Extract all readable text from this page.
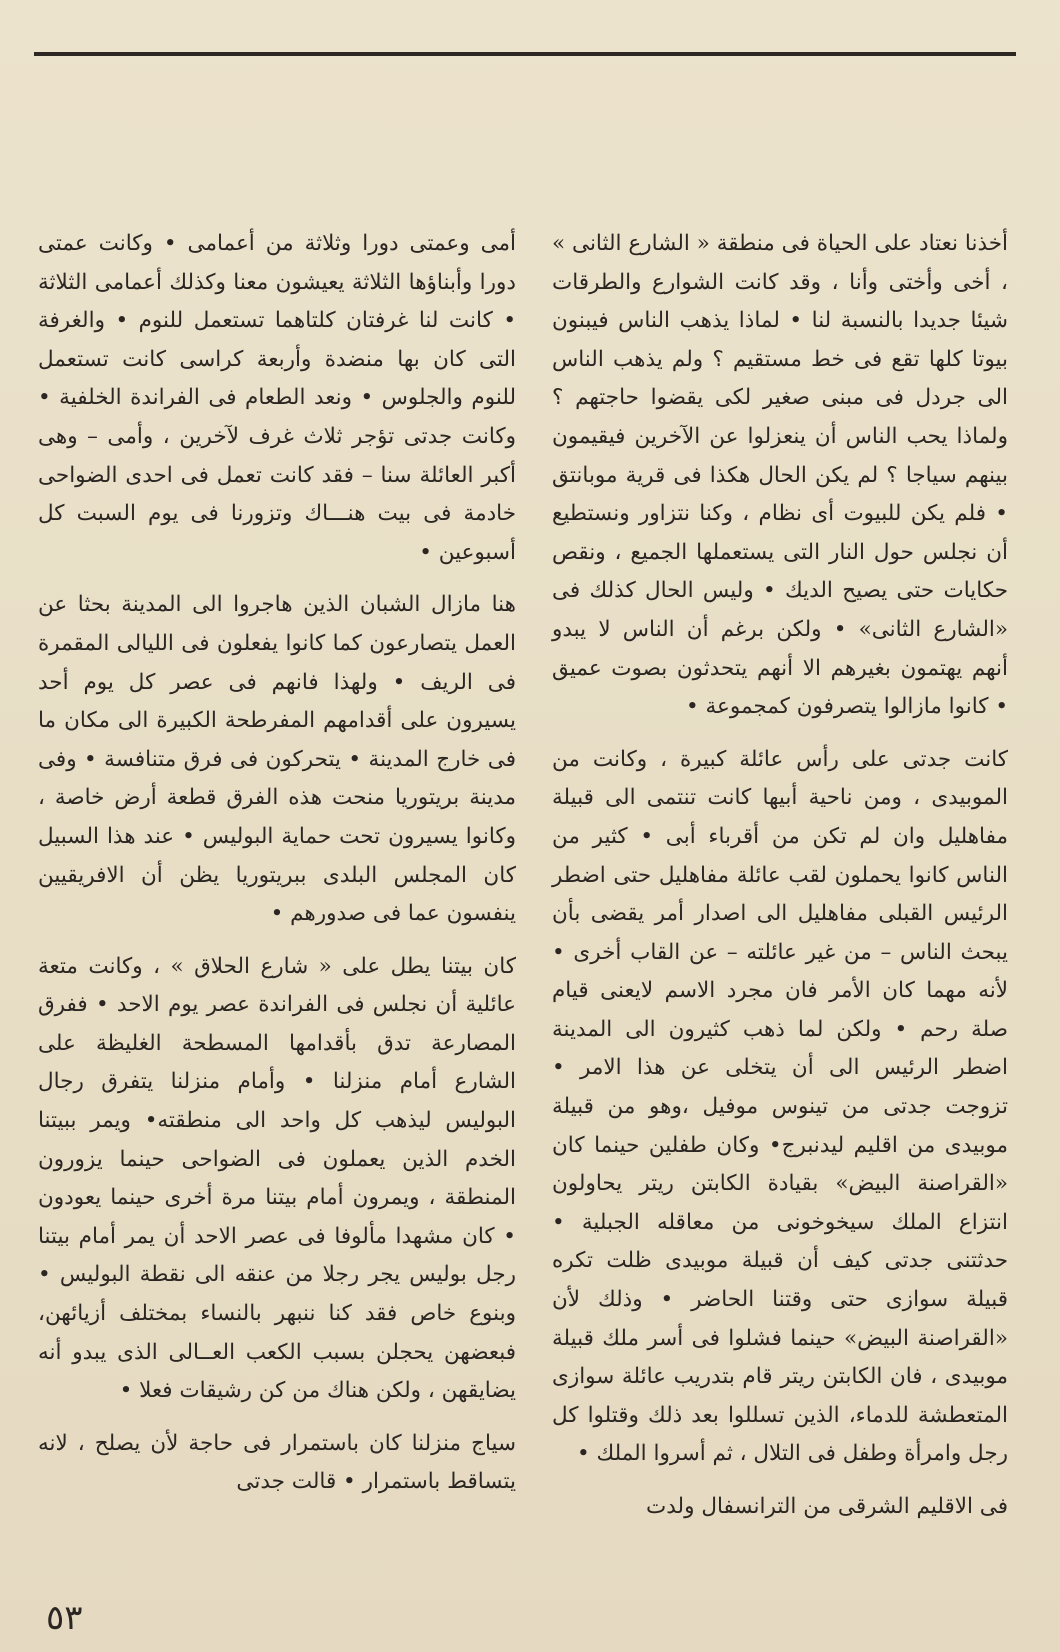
أخذنا نعتاد على الحياة فى منطقة « الشارع الثانى » ، أخى وأختى وأنا ، وقد كانت الشوارع والطرقات شيئا جديدا بالنسبة لنا • لماذا يذهب الناس فيبنون بيوتا كلها تقع فى خط مستقيم ؟ ولم يذهب الناس الى جردل فى مبنى صغير لكى يقضوا حاجتهم ؟ ولماذا يحب الناس أن ينعزلوا عن الآخرين فيقيمون بينهم سياجا ؟ لم يكن الحال هكذا فى قرية موبانتق • فلم يكن للبيوت أى نظام ، وكنا نتزاور ونستطيع أن نجلس حول النار التى يستعملها الجميع ، ونقص حكايات حتى يصيح الديك • وليس الحال كذلك فى «الشارع الثانى» • ولكن برغم أن الناس لا يبدو أنهم يهتمون بغيرهم الا أنهم يتحدثون بصوت عميق • كانوا مازالوا يتصرفون كمجموعة •

كانت جدتى على رأس عائلة كبيرة ، وكانت من الموبيدى ، ومن ناحية أبيها كانت تنتمى الى قبيلة مفاهليل وان لم تكن من أقرباء أبى • كثير من الناس كانوا يحملون لقب عائلة مفاهليل حتى اضطر الرئيس القبلى مفاهليل الى اصدار أمر يقضى بأن يبحث الناس – من غير عائلته – عن القاب أخرى • لأنه مهما كان الأمر فان مجرد الاسم لايعنى قيام صلة رحم • ولكن لما ذهب كثيرون الى المدينة اضطر الرئيس الى أن يتخلى عن هذا الامر • تزوجت جدتى من تينوس موفيل ،وهو من قبيلة موبيدى من اقليم ليدنبرج• وكان طفلين حينما كان «القراصنة البيض» بقيادة الكابتن ريتر يحاولون انتزاع الملك سيخوخونى من معاقله الجبلية • حدثتنى جدتى كيف أن قبيلة موبيدى ظلت تكره قبيلة سوازى حتى وقتنا الحاضر • وذلك لأن «القراصنة البيض» حينما فشلوا فى أسر ملك قبيلة موبيدى ، فان الكابتن ريتر قام بتدريب عائلة سوازى المتعطشة للدماء، الذين تسللوا بعد ذلك وقتلوا كل رجل وامرأة وطفل فى التلال ، ثم أسروا الملك •

فى الاقليم الشرقى من الترانسفال ولدت

أمى وعمتى دورا وثلاثة من أعمامى • وكانت عمتى دورا وأبناؤها الثلاثة يعيشون معنا وكذلك أعمامى الثلاثة • كانت لنا غرفتان كلتاهما تستعمل للنوم • والغرفة التى كان بها منضدة وأربعة كراسى كانت تستعمل للنوم والجلوس • ونعد الطعام فى الفراندة الخلفية • وكانت جدتى تؤجر ثلاث غرف لآخرين ، وأمى – وهى أكبر العائلة سنا – فقد كانت تعمل فى احدى الضواحى خادمة فى بيت هنـــاك وتزورنا فى يوم السبت كل أسبوعين •

هنا مازال الشبان الذين هاجروا الى المدينة بحثا عن العمل يتصارعون كما كانوا يفعلون فى الليالى المقمرة فى الريف • ولهذا فانهم فى عصر كل يوم أحد يسيرون على أقدامهم المفرطحة الكبيرة الى مكان ما فى خارج المدينة • يتحركون فى فرق متنافسة • وفى مدينة بريتوريا منحت هذه الفرق قطعة أرض خاصة ، وكانوا يسيرون تحت حماية البوليس • عند هذا السبيل كان المجلس البلدى ببريتوريا يظن أن الافريقيين ينفسون عما فى صدورهم •

كان بيتنا يطل على « شارع الحلاق » ، وكانت متعة عائلية أن نجلس فى الفراندة عصر يوم الاحد • ففرق المصارعة تدق بأقدامها المسطحة الغليظة على الشارع أمام منزلنا • وأمام منزلنا يتفرق رجال البوليس ليذهب كل واحد الى منطقته• ويمر ببيتنا الخدم الذين يعملون فى الضواحى حينما يزورون المنطقة ، ويمرون أمام بيتنا مرة أخرى حينما يعودون • كان مشهدا مألوفا فى عصر الاحد أن يمر أمام بيتنا رجل بوليس يجر رجلا من عنقه الى نقطة البوليس • وبنوع خاص فقد كنا ننبهر بالنساء بمختلف أزيائهن، فبعضهن يحجلن بسبب الكعب العــالى الذى يبدو أنه يضايقهن ، ولكن هناك من كن رشيقات فعلا •

سياج منزلنا كان باستمرار فى حاجة لأن يصلح ، لانه يتساقط باستمرار • قالت جدتى

٥٣
